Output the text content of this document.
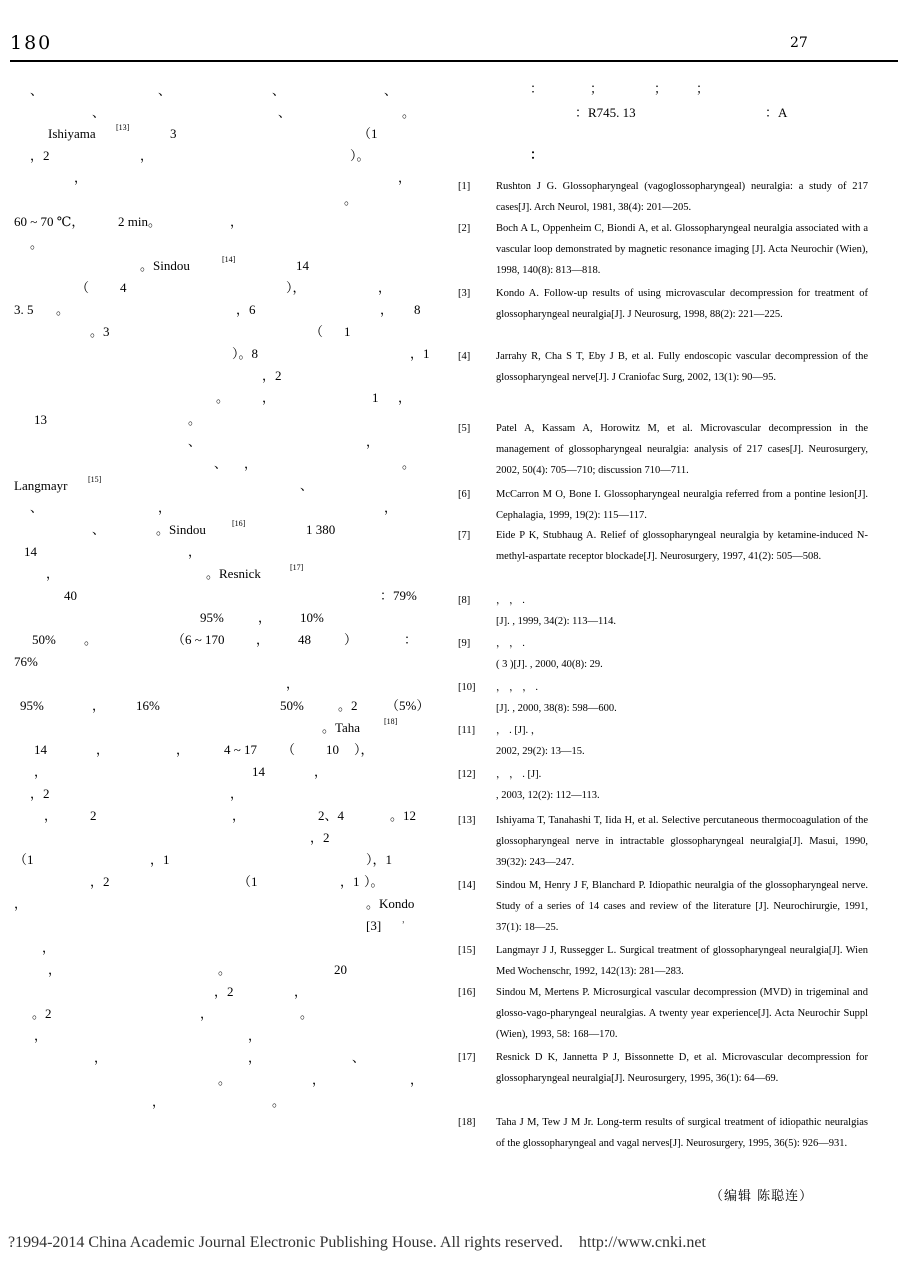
180	27
、	、	、	、
、	、	。
Ishiyama	[13]	3	（1
，2	，	）。
，	，
。
60 ~ 70 ℃，	2 min。	，
。
。Sindou	[14]	14
（ 4	），	，
3. 5 。	，6	， 8
。3	（ 1
）。8	，1
，2
。	，	1 ，
13	。
、	，
、 ，	。
Langmayr	[15]	、
、	，	，
、	。Sindou	[16]	1 380
14	，
，	。Resnick	[17]
40	：79%
95%	， 10%
50% 。	（6 ~ 170 ， 48	）	：
76%
，
95%	， 16%	50%	。2 （5%）
。Taha	[18]
14	，	，	4 ~ 17 （ 10 ），
，	14	，
，2	，
，	2	，	2、4	。12
，2
（1	，1	），1
，2	（1	，1 ）。
，	。Kondo
[3]	，
，
，	。	20
，2	，
。2	，	。
，	，
，	，	、
。	，	，
，	。
：	；	； ；
：R745. 13	：A
：
[1]	Rushton J G. Glossopharyngeal (vagoglossopharyngeal) neuralgia: a study of 217 cases[J]. Arch Neurol, 1981, 38(4): 201—205.
[2]	Boch A L, Oppenheim C, Biondi A, et al. Glossopharyngeal neuralgia associated with a vascular loop demonstrated by magnetic resonance imaging [J]. Acta Neurochir (Wien), 1998, 140(8): 813—818.
[3]	Kondo A. Follow-up results of using microvascular decompression for treatment of glossopharyngeal neuralgia[J]. J Neurosurg, 1998, 88(2): 221—225.
[4]	Jarrahy R, Cha S T, Eby J B, et al. Fully endoscopic vascular decompression of the glossopharyngeal nerve[J]. J Craniofac Surg, 2002, 13(1): 90—95.
[5]	Patel A, Kassam A, Horowitz M, et al. Microvascular decompression in the management of glossopharyngeal neuralgia: analysis of 217 cases[J]. Neurosurgery, 2002, 50(4): 705—710; discussion 710—711.
[6]	McCarron M O, Bone I. Glossopharyngeal neuralgia referred from a pontine lesion[J]. Cephalagia, 1999, 19(2): 115—117.
[7]	Eide P K, Stubhaug A. Relief of glossopharyngeal neuralgia by ketamine-induced N-methyl-aspartate receptor blockade[J]. Neurosurgery, 1997, 41(2): 505—508.
[8]	， ， .
[J]. , 1999, 34(2): 113—114.
[9]	， ， .
( 3 )[J]. , 2000, 40(8): 29.
[10]	， ， ， .
[J]. , 2000, 38(8): 598—600.
[11]	， . [J]. ，
2002, 29(2): 13—15.
[12]	， ， . [J].
, 2003, 12(2): 112—113.
[13]	Ishiyama T, Tanahashi T, Iida H, et al. Selective percutaneous thermocoagulation of the glossopharyngeal nerve in intractable glossopharyngeal neuralgia[J]. Masui, 1990, 39(32): 243—247.
[14]	Sindou M, Henry J F, Blanchard P. Idiopathic neuralgia of the glossopharyngeal nerve. Study of a series of 14 cases and review of the literature [J]. Neurochirurgie, 1991, 37(1): 18—25.
[15]	Langmayr J J, Russegger L. Surgical treatment of glossopharyngeal neuralgia[J]. Wien Med Wochenschr, 1992, 142(13): 281—283.
[16]	Sindou M, Mertens P. Microsurgical vascular decompression (MVD) in trigeminal and glosso-vago-pharyngeal neuralgias. A twenty year experience[J]. Acta Neurochir Suppl (Wien), 1993, 58: 168—170.
[17]	Resnick D K, Jannetta P J, Bissonnette D, et al. Microvascular decompression for glossopharyngeal neuralgia[J]. Neurosurgery, 1995, 36(1): 64—69.
[18]	Taha J M, Tew J M Jr. Long-term results of surgical treatment of idiopathic neuralgias of the glossopharyngeal and vagal nerves[J]. Neurosurgery, 1995, 36(5): 926—931.
（编辑 陈聪连）
?1994-2014 China Academic Journal Electronic Publishing House. All rights reserved.    http://www.cnki.net
